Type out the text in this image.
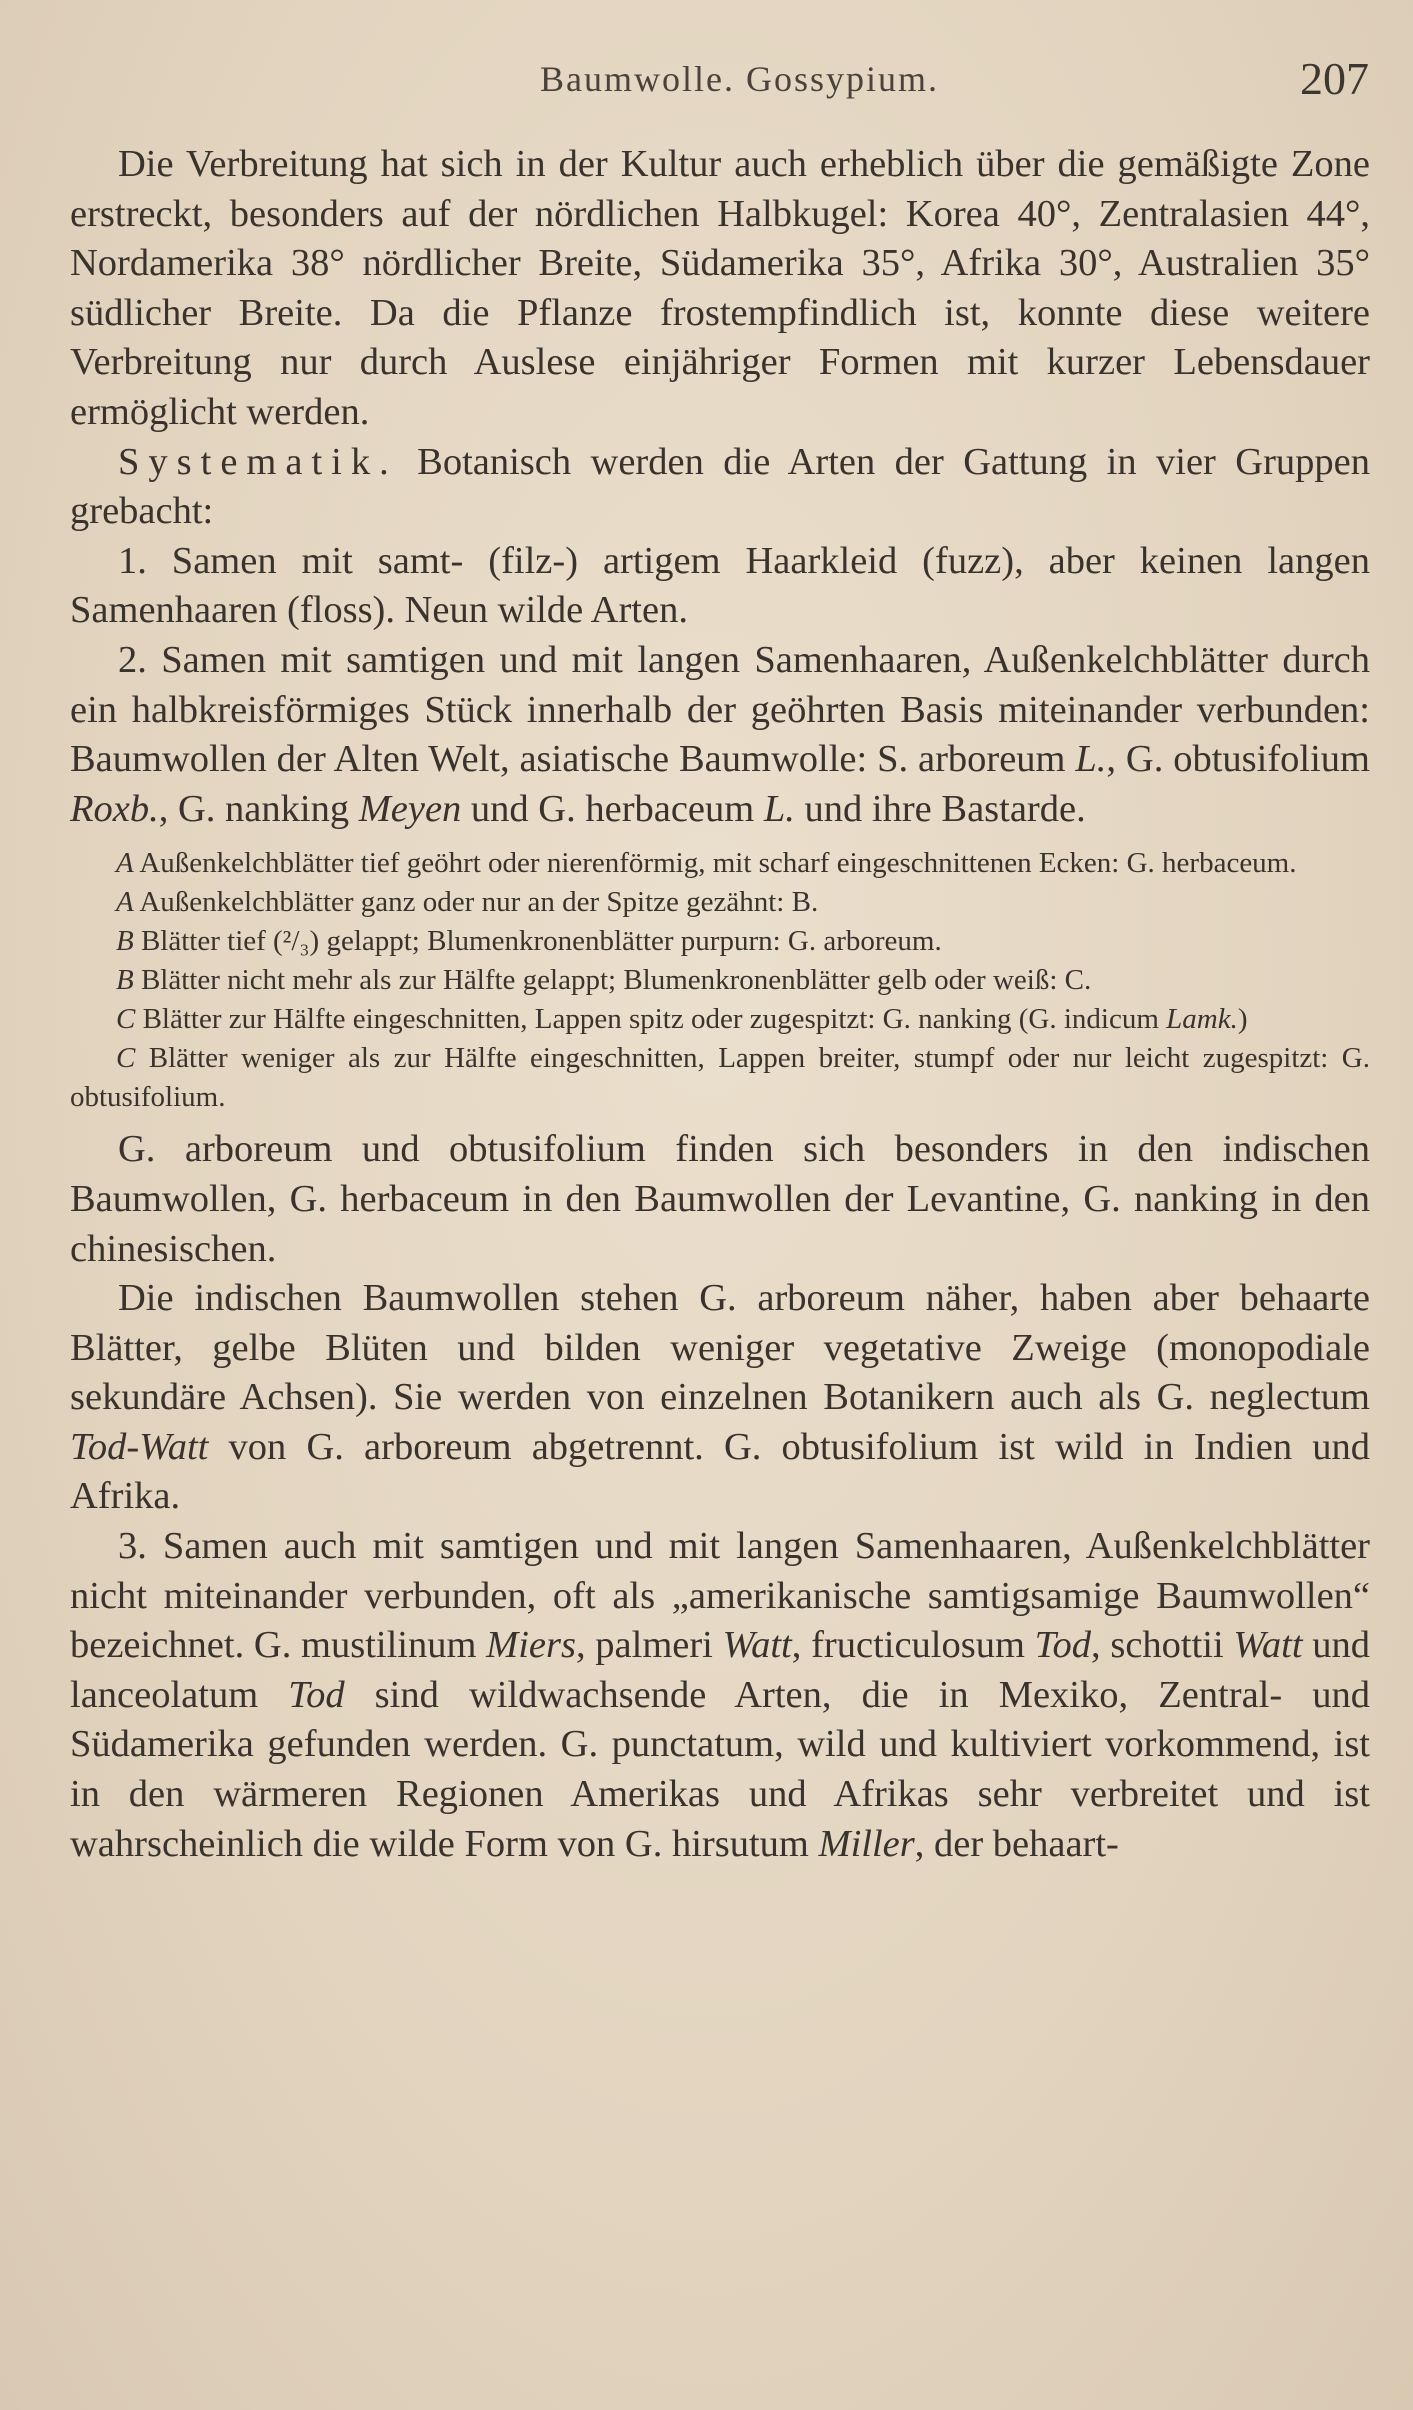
Baumwolle. Gossypium.	207

Die Verbreitung hat sich in der Kultur auch erheblich über die gemäßigte Zone erstreckt, besonders auf der nördlichen Halbkugel: Korea 40°, Zentralasien 44°, Nordamerika 38° nördlicher Breite, Südamerika 35°, Afrika 30°, Australien 35° südlicher Breite. Da die Pflanze frostempfindlich ist, konnte diese weitere Verbreitung nur durch Auslese einjähriger Formen mit kurzer Lebensdauer ermöglicht werden.

Systematik. Botanisch werden die Arten der Gattung in vier Gruppen grebacht:

1. Samen mit samt- (filz-) artigem Haarkleid (fuzz), aber keinen langen Samenhaaren (floss). Neun wilde Arten.

2. Samen mit samtigen und mit langen Samenhaaren, Außenkelchblätter durch ein halbkreisförmiges Stück innerhalb der geöhrten Basis miteinander verbunden: Baumwollen der Alten Welt, asiatische Baumwolle: S. arboreum L., G. obtusifolium Roxb., G. nanking Meyen und G. herbaceum L. und ihre Bastarde.

A Außenkelchblätter tief geöhrt oder nierenförmig, mit scharf eingeschnittenen Ecken: G. herbaceum.

A Außenkelchblätter ganz oder nur an der Spitze gezähnt: B.

B Blätter tief (²/₃) gelappt; Blumenkronenblätter purpurn: G. arboreum.

B Blätter nicht mehr als zur Hälfte gelappt; Blumenkronenblätter gelb oder weiß: C.

C Blätter zur Hälfte eingeschnitten, Lappen spitz oder zugespitzt: G. nanking (G. indicum Lamk.)

C Blätter weniger als zur Hälfte eingeschnitten, Lappen breiter, stumpf oder nur leicht zugespitzt: G. obtusifolium.

G. arboreum und obtusifolium finden sich besonders in den indischen Baumwollen, G. herbaceum in den Baumwollen der Levantine, G. nanking in den chinesischen.

Die indischen Baumwollen stehen G. arboreum näher, haben aber behaarte Blätter, gelbe Blüten und bilden weniger vegetative Zweige (monopodiale sekundäre Achsen). Sie werden von einzelnen Botanikern auch als G. neglectum Tod-Watt von G. arboreum abgetrennt. G. obtusifolium ist wild in Indien und Afrika.

3. Samen auch mit samtigen und mit langen Samenhaaren, Außenkelchblätter nicht miteinander verbunden, oft als „amerikanische samtigsamige Baumwollen“ bezeichnet. G. mustilinum Miers, palmeri Watt, fructiculosum Tod, schottii Watt und lanceolatum Tod sind wildwachsende Arten, die in Mexiko, Zentral- und Südamerika gefunden werden. G. punctatum, wild und kultiviert vorkommend, ist in den wärmeren Regionen Amerikas und Afrikas sehr verbreitet und ist wahrscheinlich die wilde Form von G. hirsutum Miller, der behaart-
